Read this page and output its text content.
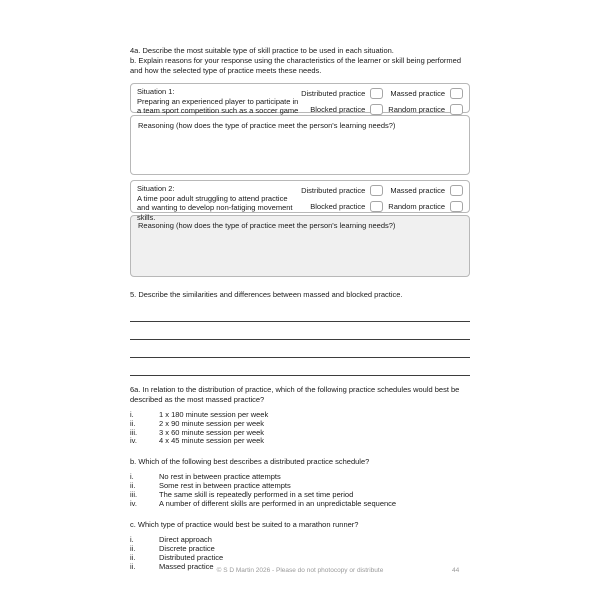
4a. Describe the most suitable type of skill practice to be used in each situation.

b. Explain reasons for your response using the characteristics of the learner or skill being performed and how the selected type of practice meets these needs.

Situation 1:
Preparing an experienced player to participate in a team sport competition such as a soccer game
Distributed practice	Massed practice
Blocked practice	Random practice
Reasoning (how does the type of practice meet the person's learning needs?)
Situation 2:
A time poor adult struggling to attend practice and wanting to develop non-fatiging movement skills.
Distributed practice	Massed practice
Blocked practice	Random practice
Reasoning (how does the type of practice meet the person's learning needs?)

5. Describe the similarities and differences between massed and blocked practice.

6a. In relation to the distribution of practice, which of the following practice schedules would best be described as the most massed practice?

i.	1 x 180 minute session per week
ii.	2 x 90 minute session per week
iii.	3 x 60 minute session per week
iv.	4 x 45 minute session per week

b. Which of the following best describes a distributed practice schedule?

i.	No rest in between practice attempts
ii.	Some rest in between practice attempts
iii.	The same skill is repeatedly performed in a set time period
iv.	A number of different skills are performed in an unpredictable sequence

c. Which type of practice would best be suited to a marathon runner?

i.	Direct approach
ii.	Discrete practice
ii.	Distributed practice
ii.	Massed practice © S D Martin 2026 - Please do not photocopy or distribute	44
